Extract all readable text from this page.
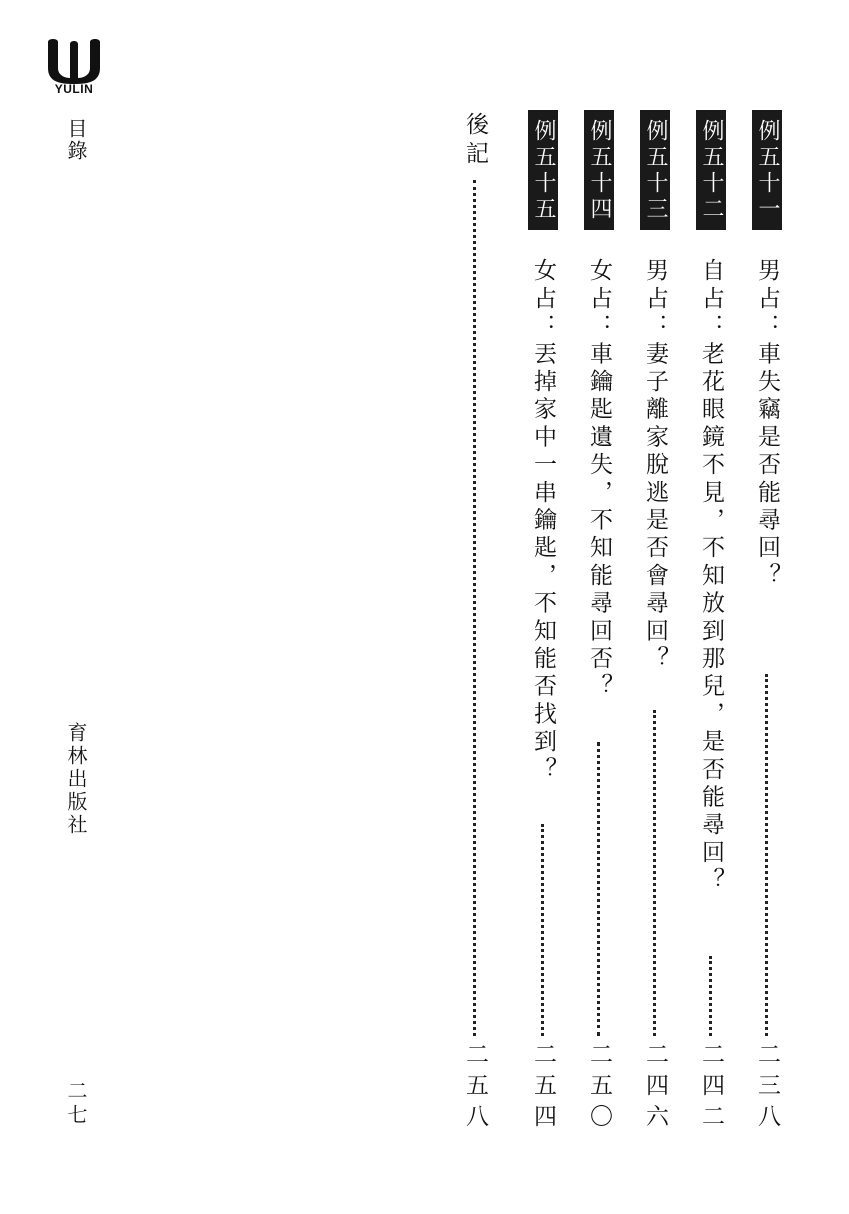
YULIN
目錄
育林出版社
二七
例五十一
男占：車失竊是否能尋回？
二三八
例五十二
自占：老花眼鏡不見，不知放到那兒，是否能尋回？
二四二
例五十三
男占：妻子離家脫逃是否會尋回？
二四六
例五十四
女占：車鑰匙遺失，不知能尋回否？
二五〇
例五十五
女占：丟掉家中一串鑰匙，不知能否找到？
二五四
後記
二五八
